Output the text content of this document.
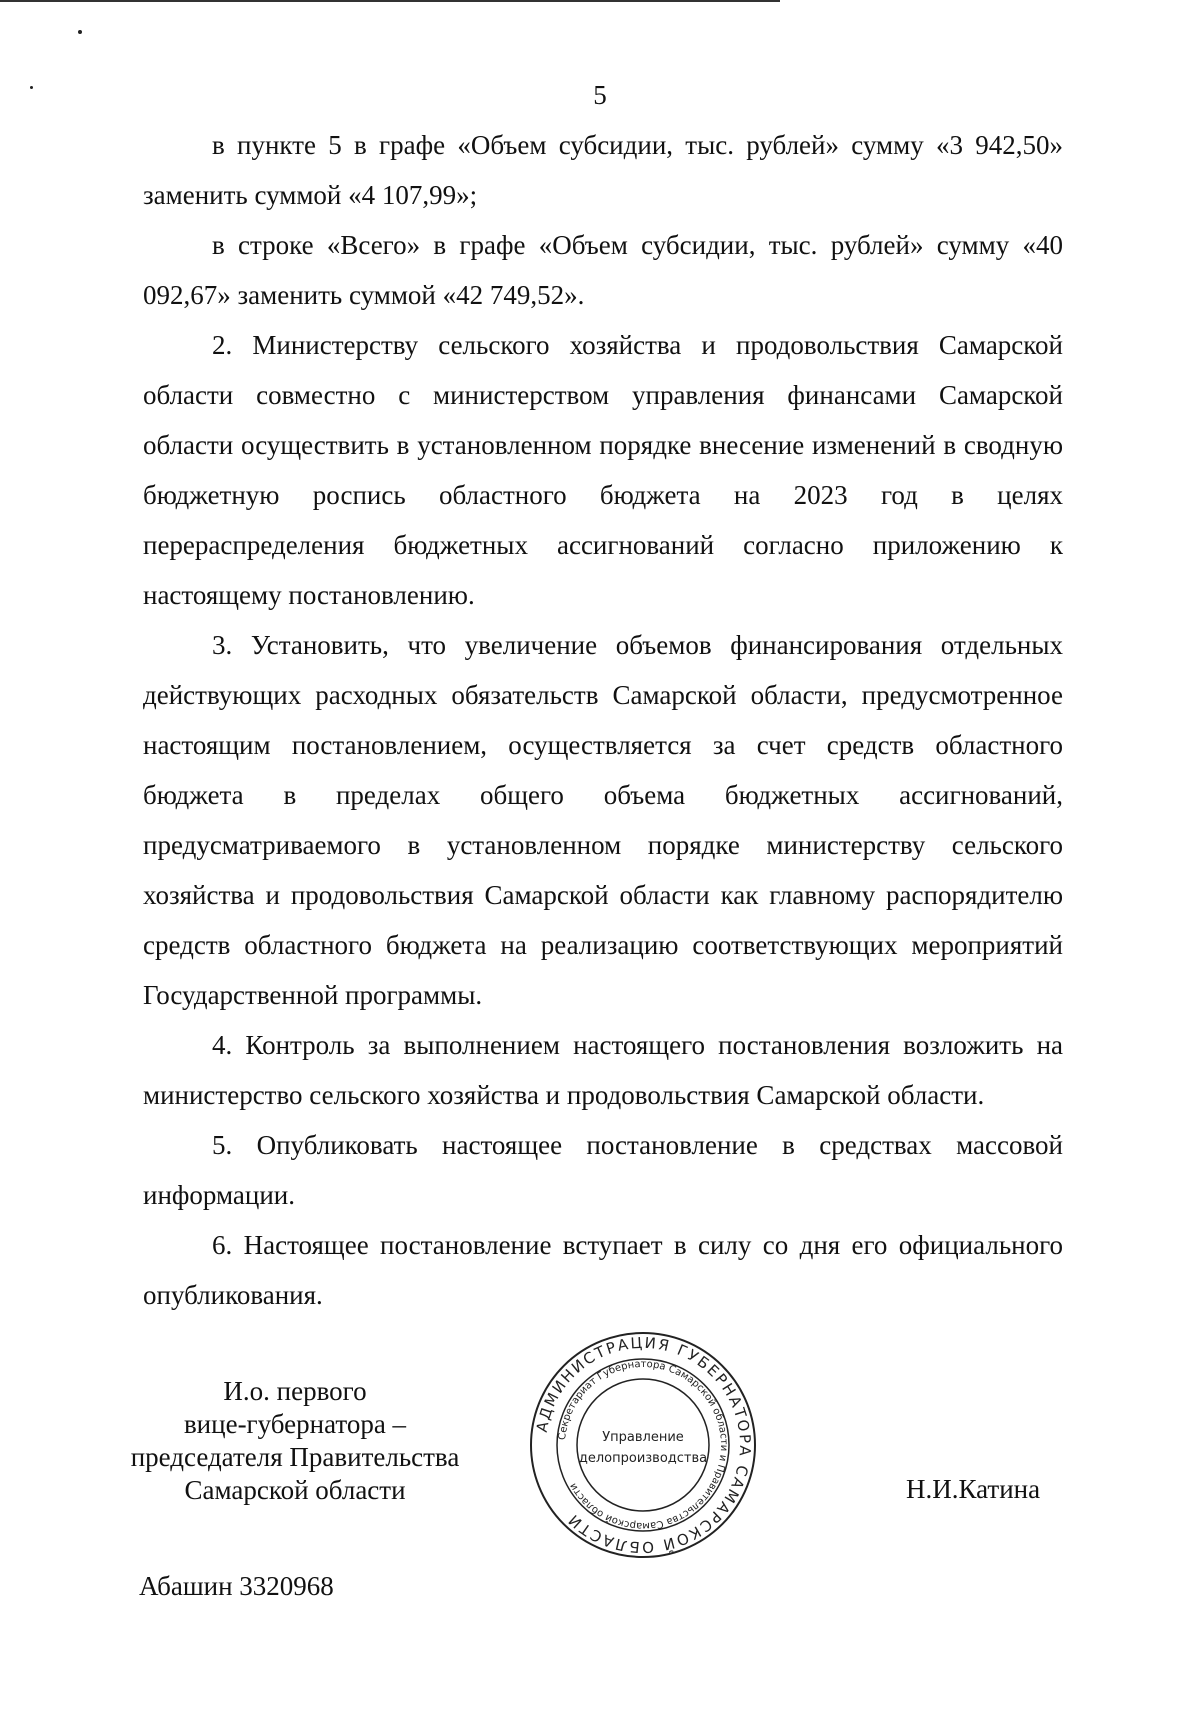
5

в пункте 5 в графе «Объем субсидии, тыс. рублей» сумму «3 942,50» заменить суммой «4 107,99»;

в строке «Всего» в графе «Объем субсидии, тыс. рублей» сумму «40 092,67» заменить суммой «42 749,52».

2. Министерству сельского хозяйства и продовольствия Самарской области совместно с министерством управления финансами Самарской области осуществить в установленном порядке внесение изменений в сводную бюджетную роспись областного бюджета на 2023 год в целях перераспределения бюджетных ассигнований согласно приложению к настоящему постановлению.

3. Установить, что увеличение объемов финансирования отдельных действующих расходных обязательств Самарской области, предусмотренное настоящим постановлением, осуществляется за счет средств областного бюджета в пределах общего объема бюджетных ассигнований, предусматриваемого в установленном порядке министерству сельского хозяйства и продовольствия Самарской области как главному распорядителю средств областного бюджета на реализацию соответствующих мероприятий Государственной программы.

4. Контроль за выполнением настоящего постановления возложить на министерство сельского хозяйства и продовольствия Самарской области.

5. Опубликовать настоящее постановление в средствах массовой информации.

6. Настоящее постановление вступает в силу со дня его официального опубликования.

И.о. первого
вице-губернатора –
председателя Правительства
Самарской области
АДМИНИСТРАЦИЯ ГУБЕРНАТОРА САМАРСКОЙ ОБЛАСТИ
Секретариат Губернатора Самарской области и Правительства Самарской области
Управление
делопроизводства
Н.И.Катина
Абашин 3320968
